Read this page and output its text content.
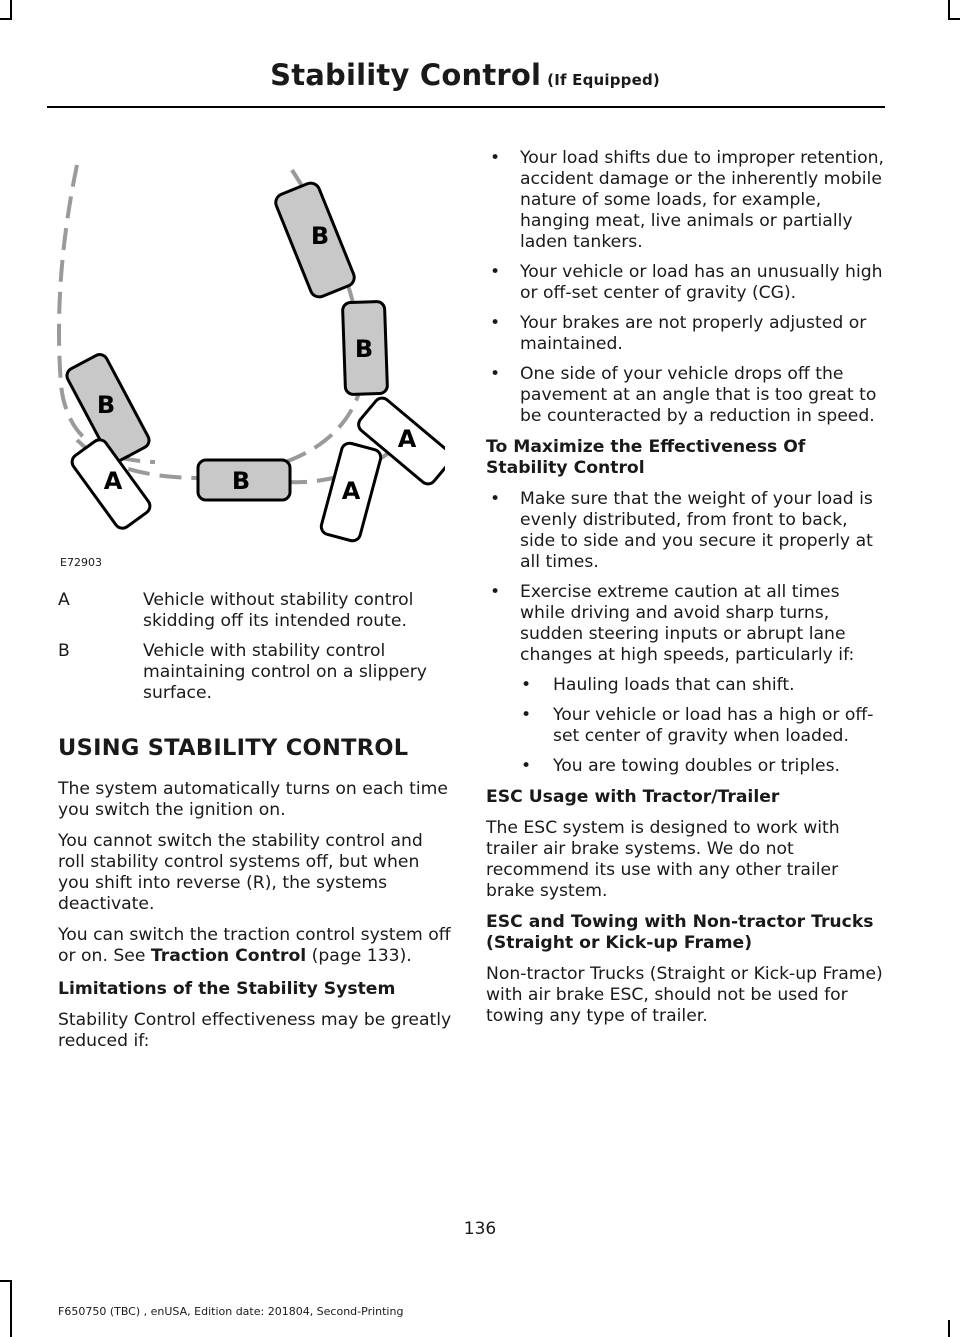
Stability Control (If Equipped)
B
B
B
B
A	A
A
E72903
A	Vehicle without stability control skidding off its intended route.
B	Vehicle with stability control maintaining control on a slippery surface.
USING STABILITY CONTROL

The system automatically turns on each time you switch the ignition on.

You cannot switch the stability control and roll stability control systems off, but when you shift into reverse (R), the systems deactivate.

You can switch the traction control system off or on. See Traction Control (page 133).

Limitations of the Stability System

Stability Control effectiveness may be greatly reduced if:

• Your load shifts due to improper retention, accident damage or the inherently mobile nature of some loads, for example, hanging meat, live animals or partially laden tankers.
• Your vehicle or load has an unusually high or off-set center of gravity (CG).
• Your brakes are not properly adjusted or maintained.
• One side of your vehicle drops off the pavement at an angle that is too great to be counteracted by a reduction in speed.
To Maximize the Effectiveness Of Stability Control
• Make sure that the weight of your load is evenly distributed, from front to back, side to side and you secure it properly at all times.
• Exercise extreme caution at all times while driving and avoid sharp turns, sudden steering inputs or abrupt lane changes at high speeds, particularly if:
• Hauling loads that can shift.
• Your vehicle or load has a high or off-set center of gravity when loaded.
• You are towing doubles or triples.
ESC Usage with Tractor/Trailer

The ESC system is designed to work with trailer air brake systems. We do not recommend its use with any other trailer brake system.

ESC and Towing with Non-tractor Trucks (Straight or Kick-up Frame)

Non-tractor Trucks (Straight or Kick-up Frame) with air brake ESC, should not be used for towing any type of trailer.

136
F650750 (TBC) , enUSA, Edition date: 201804, Second-Printing
